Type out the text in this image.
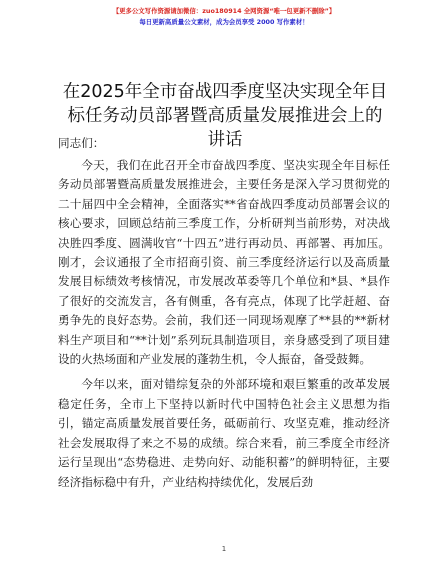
【更多公文写作资源请加微信：zuo180914 全网资源“唯一包更新不删除”】
每日更新高质量公文素材，成为会员享受 2000 写作素材！
在2025年全市奋战四季度坚决实现全年目标任务动员部署暨高质量发展推进会上的讲话
同志们：

今天，我们在此召开全市奋战四季度、坚决实现全年目标任务动员部署暨高质量发展推进会，主要任务是深入学习贯彻党的二十届四中全会精神，全面落实**省奋战四季度动员部署会议的核心要求，回顾总结前三季度工作，分析研判当前形势，对决战决胜四季度、圆满收官“十四五”进行再动员、再部署、再加压。刚才，会议通报了全市招商引资、前三季度经济运行以及高质量发展目标绩效考核情况，市发展改革委等几个单位和*县、*县作了很好的交流发言，各有侧重，各有亮点，体现了比学赶超、奋勇争先的良好态势。会前，我们还一同现场观摩了**县的**新材料生产项目和“**计划”系列玩具制造项目，亲身感受到了项目建设的火热场面和产业发展的蓬勃生机，令人振奋，备受鼓舞。

今年以来，面对错综复杂的外部环境和艰巨繁重的改革发展稳定任务，全市上下坚持以新时代中国特色社会主义思想为指引，锚定高质量发展首要任务，砥砺前行、攻坚克难，推动经济社会发展取得了来之不易的成绩。综合来看，前三季度全市经济运行呈现出“态势稳进、走势向好、动能积蓄”的鲜明特征，主要经济指标稳中有升，产业结构持续优化，发展后劲

1
